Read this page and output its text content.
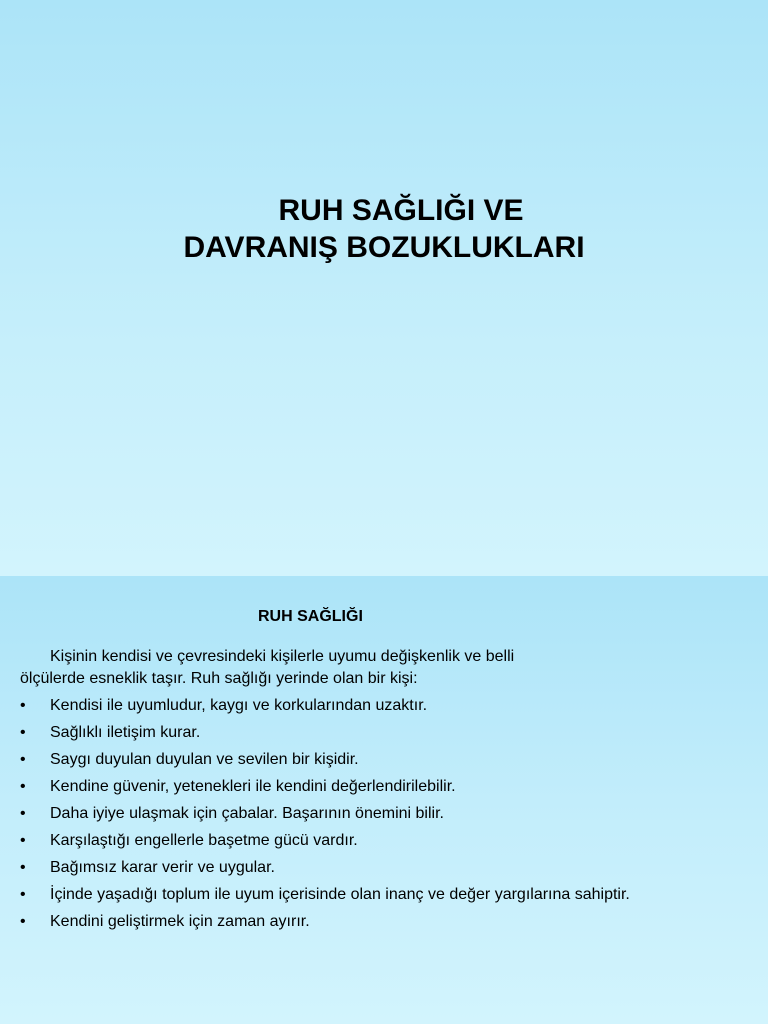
RUH SAĞLIĞI VE
DAVRANIŞ BOZUKLUKLARI
RUH SAĞLIĞI

Kişinin kendisi ve çevresindeki kişilerle uyumu değişkenlik ve belli
ölçülerde esneklik taşır. Ruh sağlığı yerinde olan bir kişi:

•	Kendisi ile uyumludur, kaygı ve korkularından uzaktır.
•	Sağlıklı iletişim kurar.
•	Saygı duyulan duyulan ve sevilen bir kişidir.
•	Kendine güvenir, yetenekleri ile kendini değerlendirilebilir.
•	Daha iyiye ulaşmak için çabalar. Başarının önemini bilir.
•	Karşılaştığı engellerle başetme gücü vardır.
•	Bağımsız karar verir ve uygular.
•	İçinde yaşadığı toplum ile uyum içerisinde olan inanç ve değer yargılarına sahiptir.
•	Kendini geliştirmek için zaman ayırır.
